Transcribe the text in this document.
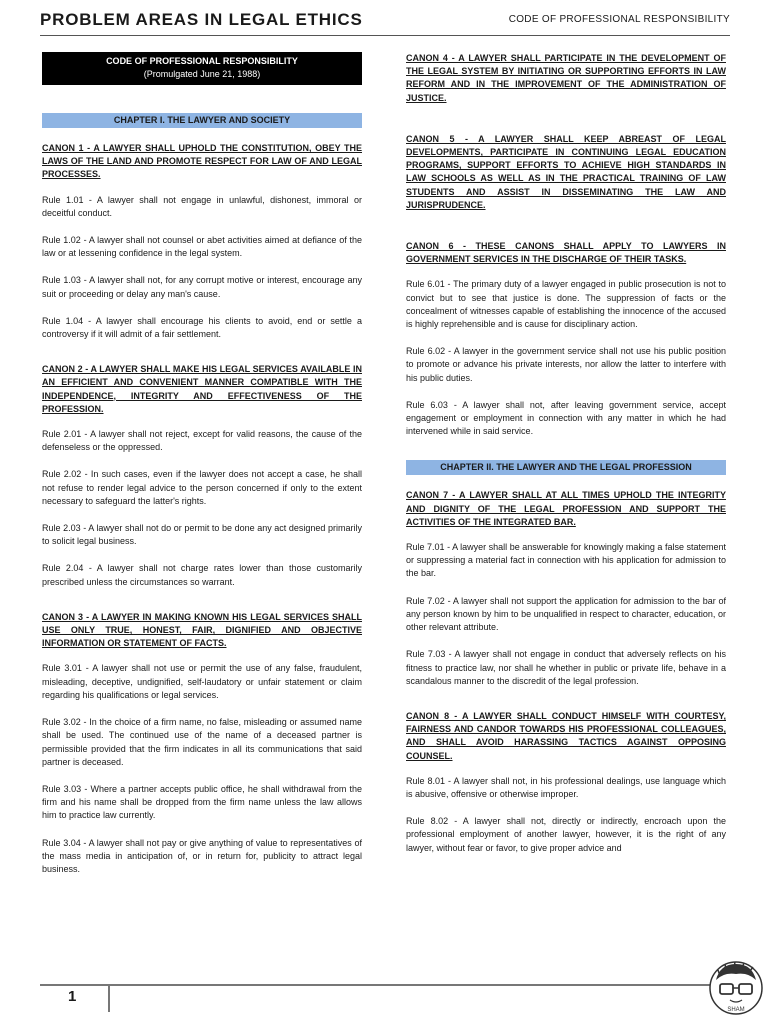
PROBLEM AREAS IN LEGAL ETHICS	CODE OF PROFESSIONAL RESPONSIBILITY
CODE OF PROFESSIONAL RESPONSIBILITY
(Promulgated June 21, 1988)
CHAPTER I. THE LAWYER AND SOCIETY

CANON 1 - A LAWYER SHALL UPHOLD THE CONSTITUTION, OBEY THE LAWS OF THE LAND AND PROMOTE RESPECT FOR LAW OF AND LEGAL PROCESSES.

Rule 1.01 - A lawyer shall not engage in unlawful, dishonest, immoral or deceitful conduct.

Rule 1.02 - A lawyer shall not counsel or abet activities aimed at defiance of the law or at lessening confidence in the legal system.

Rule 1.03 - A lawyer shall not, for any corrupt motive or interest, encourage any suit or proceeding or delay any man's cause.

Rule 1.04 - A lawyer shall encourage his clients to avoid, end or settle a controversy if it will admit of a fair settlement.

CANON 2 - A LAWYER SHALL MAKE HIS LEGAL SERVICES AVAILABLE IN AN EFFICIENT AND CONVENIENT MANNER COMPATIBLE WITH THE INDEPENDENCE, INTEGRITY AND EFFECTIVENESS OF THE PROFESSION.

Rule 2.01 - A lawyer shall not reject, except for valid reasons, the cause of the defenseless or the oppressed.

Rule 2.02 - In such cases, even if the lawyer does not accept a case, he shall not refuse to render legal advice to the person concerned if only to the extent necessary to safeguard the latter's rights.

Rule 2.03 - A lawyer shall not do or permit to be done any act designed primarily to solicit legal business.

Rule 2.04 - A lawyer shall not charge rates lower than those customarily prescribed unless the circumstances so warrant.

CANON 3 - A LAWYER IN MAKING KNOWN HIS LEGAL SERVICES SHALL USE ONLY TRUE, HONEST, FAIR, DIGNIFIED AND OBJECTIVE INFORMATION OR STATEMENT OF FACTS.

Rule 3.01 - A lawyer shall not use or permit the use of any false, fraudulent, misleading, deceptive, undignified, self-laudatory or unfair statement or claim regarding his qualifications or legal services.

Rule 3.02 - In the choice of a firm name, no false, misleading or assumed name shall be used. The continued use of the name of a deceased partner is permissible provided that the firm indicates in all its communications that said partner is deceased.

Rule 3.03 - Where a partner accepts public office, he shall withdrawal from the firm and his name shall be dropped from the firm name unless the law allows him to practice law currently.

Rule 3.04 - A lawyer shall not pay or give anything of value to representatives of the mass media in anticipation of, or in return for, publicity to attract legal business.

CANON 4 - A LAWYER SHALL PARTICIPATE IN THE DEVELOPMENT OF THE LEGAL SYSTEM BY INITIATING OR SUPPORTING EFFORTS IN LAW REFORM AND IN THE IMPROVEMENT OF THE ADMINISTRATION OF JUSTICE.

CANON 5 - A LAWYER SHALL KEEP ABREAST OF LEGAL DEVELOPMENTS, PARTICIPATE IN CONTINUING LEGAL EDUCATION PROGRAMS, SUPPORT EFFORTS TO ACHIEVE HIGH STANDARDS IN LAW SCHOOLS AS WELL AS IN THE PRACTICAL TRAINING OF LAW STUDENTS AND ASSIST IN DISSEMINATING THE LAW AND JURISPRUDENCE.

CANON 6 - THESE CANONS SHALL APPLY TO LAWYERS IN GOVERNMENT SERVICES IN THE DISCHARGE OF THEIR TASKS.

Rule 6.01 - The primary duty of a lawyer engaged in public prosecution is not to convict but to see that justice is done. The suppression of facts or the concealment of witnesses capable of establishing the innocence of the accused is highly reprehensible and is cause for disciplinary action.

Rule 6.02 - A lawyer in the government service shall not use his public position to promote or advance his private interests, nor allow the latter to interfere with his public duties.

Rule 6.03 - A lawyer shall not, after leaving government service, accept engagement or employment in connection with any matter in which he had intervened while in said service.

CHAPTER II. THE LAWYER AND THE LEGAL PROFESSION

CANON 7 - A LAWYER SHALL AT ALL TIMES UPHOLD THE INTEGRITY AND DIGNITY OF THE LEGAL PROFESSION AND SUPPORT THE ACTIVITIES OF THE INTEGRATED BAR.

Rule 7.01 - A lawyer shall be answerable for knowingly making a false statement or suppressing a material fact in connection with his application for admission to the bar.

Rule 7.02 - A lawyer shall not support the application for admission to the bar of any person known by him to be unqualified in respect to character, education, or other relevant attribute.

Rule 7.03 - A lawyer shall not engage in conduct that adversely reflects on his fitness to practice law, nor shall he whether in public or private life, behave in a scandalous manner to the discredit of the legal profession.

CANON 8 - A LAWYER SHALL CONDUCT HIMSELF WITH COURTESY, FAIRNESS AND CANDOR TOWARDS HIS PROFESSIONAL COLLEAGUES, AND SHALL AVOID HARASSING TACTICS AGAINST OPPOSING COUNSEL.

Rule 8.01 - A lawyer shall not, in his professional dealings, use language which is abusive, offensive or otherwise improper.

Rule 8.02 - A lawyer shall not, directly or indirectly, encroach upon the professional employment of another lawyer, however, it is the right of any lawyer, without fear or favor, to give proper advice and

1
SHAM
